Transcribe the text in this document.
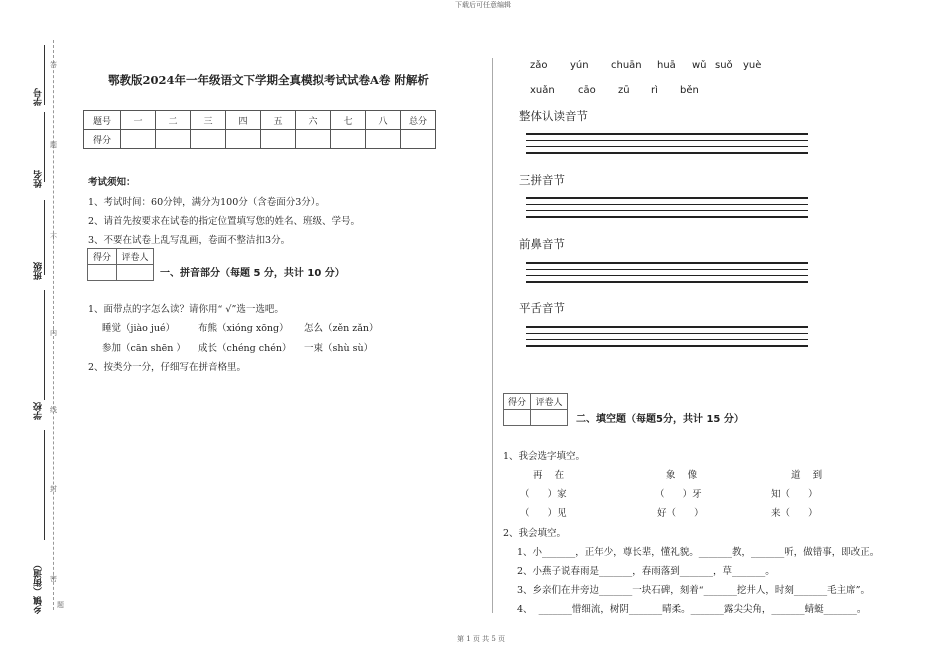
下载后可任意编辑
第 1 页 共 5 页
学号
姓名
班级
学校
乡镇（街道）
答
题
不
内
线
封
密
题
鄂教版2024年一年级语文下学期全真模拟考试试卷A卷 附解析
题号	一	二	三	四	五	六	七	八	总分
得分									
考试须知：
1、考试时间：60分钟，满分为100分（含卷面分3分）。
2、请首先按要求在试卷的指定位置填写您的姓名、班级、学号。
3、不要在试卷上乱写乱画，卷面不整洁扣3分。
得分	评卷人

一、拼音部分（每题 5 分，共计 10 分）
1、面带点的字怎么读？请你用“ √”选一选吧。
睡觉（jiào jué） 布熊（xióng xōng） 怎么（zěn zǎn）
参加（cān shēn ） 成长（chéng chén） 一束（shù sù）
2、按类分一分，仔细写在拼音格里。
zǎo yún chuān huā wǔ suǒ yuè
xuǎn cāo zū rì běn
整体认读音节
三拼音节
前鼻音节
平舌音节
得分	评卷人

二、填空题（每题5分，共计 15 分）
1、我会选字填空。
再    在	象    像	道    到
（      ）家	（      ）牙	知（      ）
（      ）见	好（      ）	来（      ）
2、我会填空。
1、小_______，正年少，尊长辈，懂礼貌。_______教，_______听，做错事，即改正。
2、小燕子说春雨是_______，春雨落到_______，草_______。
3、乡亲们在井旁边_______一块石碑，刻着“_______挖井人，时刻_______毛主席”。
4、  _______惜细流，树阴_______晴柔。_______露尖尖角，_______蜻蜓_______。
